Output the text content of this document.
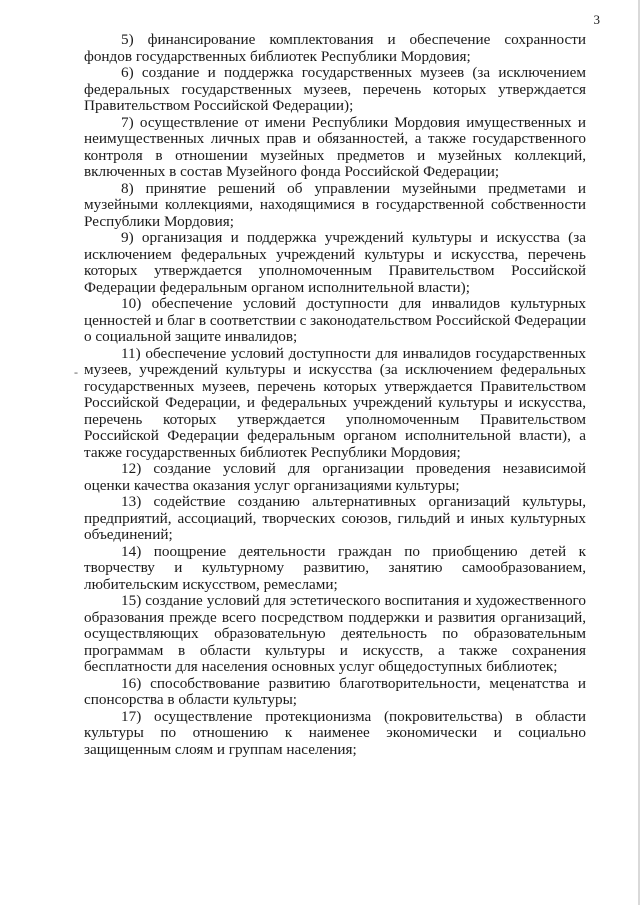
3
-

5) финансирование комплектования и обеспечение сохранности фондов государственных библиотек Республики Мордовия;

6) создание и поддержка государственных музеев (за исключением федеральных государственных музеев, перечень которых утверждается Правительством Российской Федерации);

7) осуществление от имени Республики Мордовия имущественных и неимущественных личных прав и обязанностей, а также государственного контроля в отношении музейных предметов и музейных коллекций, включенных в состав Музейного фонда Российской Федерации;

8) принятие решений об управлении музейными предметами и музейными коллекциями, находящимися в государственной собственности Республики Мордовия;

9) организация и поддержка учреждений культуры и искусства (за исключением федеральных учреждений культуры и искусства, перечень которых утверждается уполномоченным Правительством Российской Федерации федеральным органом исполнительной власти);

10) обеспечение условий доступности для инвалидов культурных ценностей и благ в соответствии с законодательством Российской Федерации о социальной защите инвалидов;

11) обеспечение условий доступности для инвалидов государственных музеев, учреждений культуры и искусства (за исключением федеральных государственных музеев, перечень которых утверждается Правительством Российской Федерации, и федеральных учреждений культуры и искусства, перечень которых утверждается уполномоченным Правительством Российской Федерации федеральным органом исполнительной власти), а также государственных библиотек Республики Мордовия;

12) создание условий для организации проведения независимой оценки качества оказания услуг организациями культуры;

13) содействие созданию альтернативных организаций культуры, предприятий, ассоциаций, творческих союзов, гильдий и иных культурных объединений;

14) поощрение деятельности граждан по приобщению детей к творчеству и культурному развитию, занятию самообразованием, любительским искусством, ремеслами;

15) создание условий для эстетического воспитания и художественного образования прежде всего посредством поддержки и развития организаций, осуществляющих образовательную деятельность по образовательным программам в области культуры и искусств, а также сохранения бесплатности для населения основных услуг общедоступных библиотек;

16) способствование развитию благотворительности, меценатства и спонсорства в области культуры;

17) осуществление протекционизма (покровительства) в области культуры по отношению к наименее экономически и социально защищенным слоям и группам населения;
